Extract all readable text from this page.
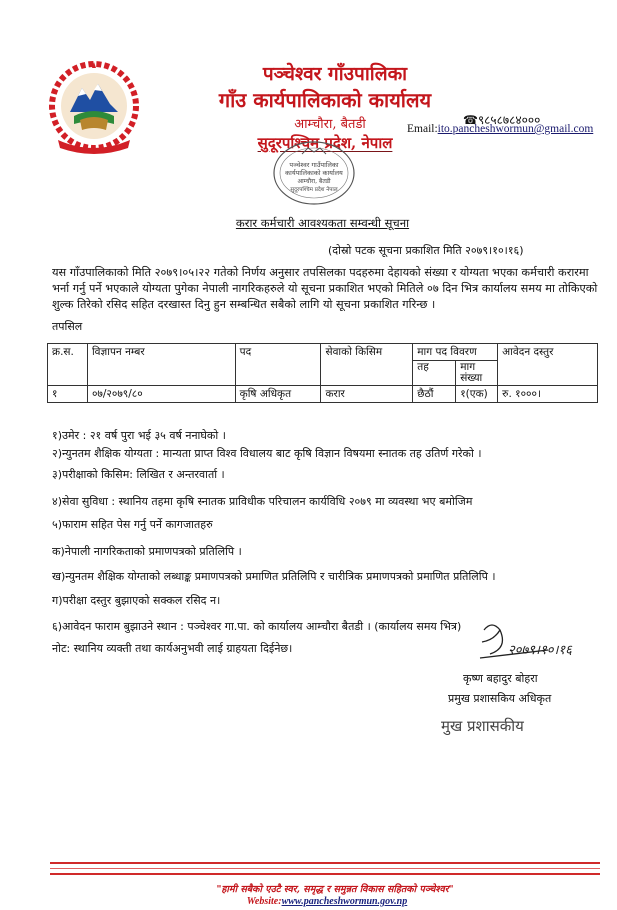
पञ्चेश्वर गाँउपालिका
गाँउ कार्यपालिकाको कार्यालय
आम्चौरा, बैतडी
सुदूरपश्चिम प्रदेश, नेपाल
☎९८५८७८४०००
Email:ito.pancheshwormun@gmail.com
पञ्चेश्वर गाउँपालिका
कार्यपालिकाको कार्यालय
आम्चौरा, बैतडी
सुदूरपश्चिम प्रदेश नेपाल
करार कर्मचारी आवश्यकता सम्वन्धी सूचना
(दोस्रो पटक सूचना प्रकाशित मिति २०७९।१०।१६)
यस गाँउपालिकाको मिति २०७९।०५।२२ गतेको निर्णय अनुसार तपसिलका पदहरुमा देहायको संख्या र योग्यता भएका कर्मचारी करारमा
भर्ना गर्नु पर्ने भएकाले योग्यता पुगेका नेपाली नागरिकहरुले यो सूचना प्रकाशित भएको मितिले ०७ दिन भित्र कार्यालय समय मा तोकिएको
शुल्क तिरेको रसिद सहित दरखास्त दिनु हुन सम्बन्धित सबैको लागि यो सूचना प्रकाशित गरिन्छ ।
तपसिल
क्र.स.	विज्ञापन नम्बर	पद	सेवाको किसिम	माग पद विवरण		आवेदन दस्तुर
				तह	माग संख्या	
१	०७/२०७९/८०	कृषि अधिकृत	करार	छैठौं	१(एक)	रु. १०००।
१)उमेर : २१ वर्ष पुरा भई ३५ वर्ष ननाघेको ।
२)न्युनतम शैक्षिक योग्यता : मान्यता प्राप्त विश्व विधालय बाट कृषि विज्ञान विषयमा स्नातक तह उतिर्ण गरेको ।
३)परीक्षाको किसिम: लिखित र अन्तरवार्ता ।
४)सेवा सुविधा : स्थानिय तहमा कृषि स्नातक प्राविधीक परिचालन कार्यविधि २०७९ मा व्यवस्था भए बमोजिम
५)फाराम सहित पेस गर्नु पर्ने कागजातहरु
क)नेपाली नागरिकताको प्रमाणपत्रको प्रतिलिपि ।
ख)न्युनतम शैक्षिक योग्ताको लब्धाङ्क प्रमाणपत्रको प्रमाणित प्रतिलिपि र चारीत्रिक प्रमाणपत्रको प्रमाणित प्रतिलिपि ।
ग)परीक्षा दस्तुर बुझाएको सक्कल रसिद न।
६)आवेदन फाराम बुझाउने स्थान : पञ्चेश्वर गा.पा. को कार्यालय आम्चौरा बैतडी । (कार्यालय समय भित्र)
नोट: स्थानिय व्यक्ती तथा कार्यअनुभवी लाई ग्राहयता दिईनेछ।	२०७९।१०।१६
कृष्ण बहादुर बोहरा
प्रमुख प्रशासकिय अधिकृत
मुख प्रशासकीय
"हामी सबैको एउटै स्वर, समृद्ध र समुन्नत विकास सहितको पञ्चेश्वर"
Website:www.pancheshwormun.gov.np
